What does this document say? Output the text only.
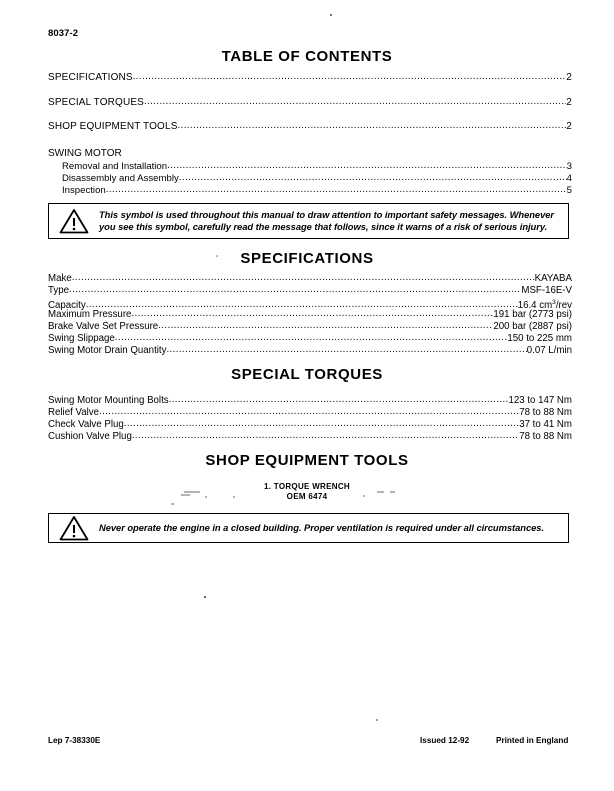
8037-2
TABLE OF CONTENTS
SPECIFICATIONS .....	2
SPECIAL TORQUES .....	2
SHOP EQUIPMENT TOOLS .....	2
SWING MOTOR
Removal and Installation .....	3
Disassembly and Assembly .....	4
Inspection .....	5
This symbol is used throughout this manual to draw attention to important safety messages. Whenever you see this symbol, carefully read the message that follows, since it warns of a risk of serious injury.
SPECIFICATIONS
Make .....	KAYABA
Type .....	MSF-16E-V
Capacity .....	16.4 $cm^3$/rev
Maximum Pressure .....	191 bar (2773 psi)
Brake Valve Set Pressure .....	200 bar (2887 psi)
Swing Slippage .....	150 to 225 mm
Swing Motor Drain Quantity .....	0.07 L/min
SPECIAL TORQUES
Swing Motor Mounting Bolts .....	123 to 147 Nm
Relief Valve .....	78 to 88 Nm
Check Valve Plug .....	37 to 41 Nm
Cushion Valve Plug .....	78 to 88 Nm
SHOP EQUIPMENT TOOLS
1. TORQUE WRENCH
OEM 6474
Never operate the engine in a closed building. Proper ventilation is required under all circumstances.
Lep 7-38330E	Issued 12-92	Printed in England
